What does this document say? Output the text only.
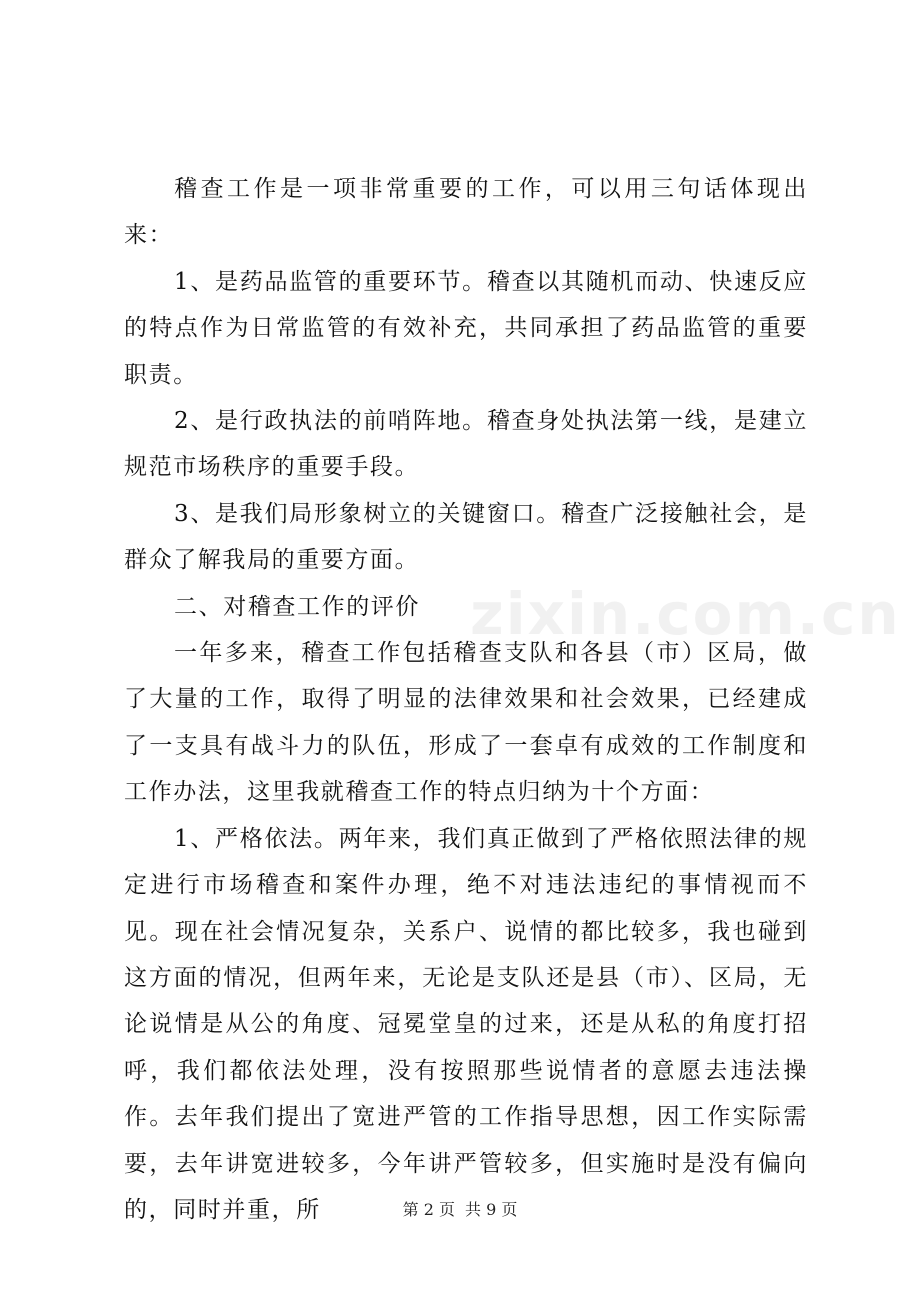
稽查工作是一项非常重要的工作，可以用三句话体现出来：

1、是药品监管的重要环节。稽查以其随机而动、快速反应的特点作为日常监管的有效补充，共同承担了药品监管的重要职责。

2、是行政执法的前哨阵地。稽查身处执法第一线，是建立规范市场秩序的重要手段。

3、是我们局形象树立的关键窗口。稽查广泛接触社会，是群众了解我局的重要方面。

二、对稽查工作的评价

一年多来，稽查工作包括稽查支队和各县（市）区局，做了大量的工作，取得了明显的法律效果和社会效果，已经建成了一支具有战斗力的队伍，形成了一套卓有成效的工作制度和工作办法，这里我就稽查工作的特点归纳为十个方面：

1、严格依法。两年来，我们真正做到了严格依照法律的规定进行市场稽查和案件办理，绝不对违法违纪的事情视而不见。现在社会情况复杂，关系户、说情的都比较多，我也碰到这方面的情况，但两年来，无论是支队还是县（市）、区局，无论说情是从公的角度、冠冕堂皇的过来，还是从私的角度打招呼，我们都依法处理，没有按照那些说情者的意愿去违法操作。去年我们提出了宽进严管的工作指导思想，因工作实际需要，去年讲宽进较多，今年讲严管较多，但实施时是没有偏向的，同时并重，所

zixin.com.cn
第 2 页 共 9 页
